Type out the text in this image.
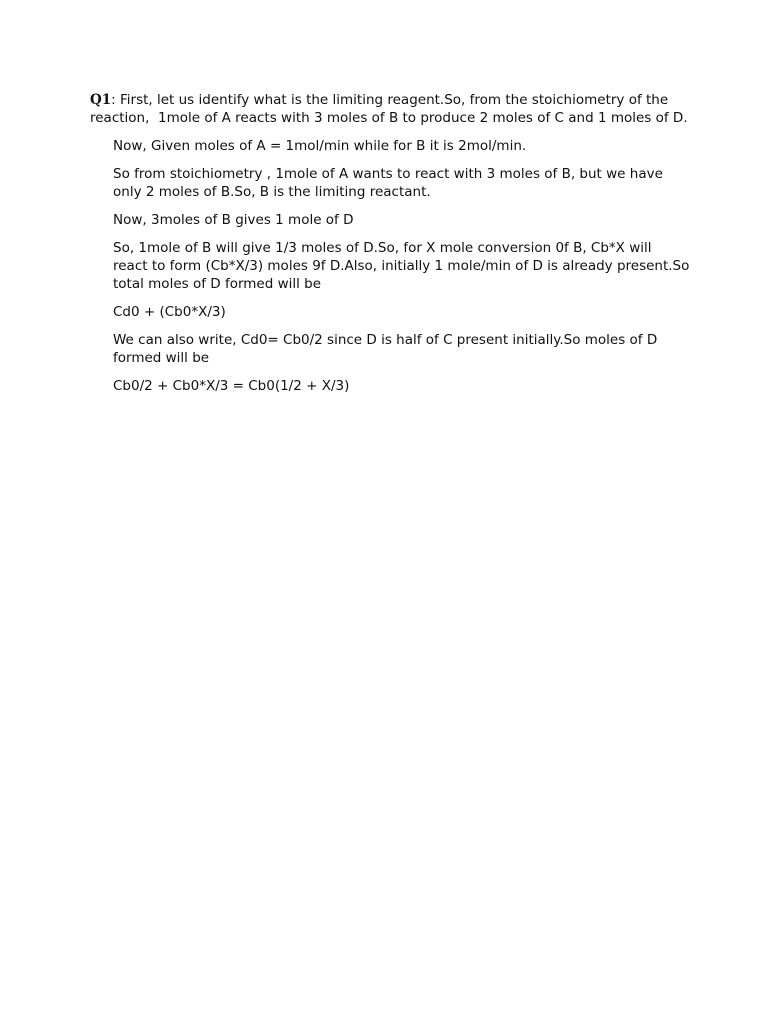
Q1: First, let us identify what is the limiting reagent.So, from the stoichiometry of the reaction,  1mole of A reacts with 3 moles of B to produce 2 moles of C and 1 moles of D.

Now, Given moles of A = 1mol/min while for B it is 2mol/min.

So from stoichiometry , 1mole of A wants to react with 3 moles of B, but we have only 2 moles of B.So, B is the limiting reactant.

Now, 3moles of B gives 1 mole of D

So, 1mole of B will give 1/3 moles of D.So, for X mole conversion 0f B, Cb*X will react to form (Cb*X/3) moles 9f D.Also, initially 1 mole/min of D is already present.So total moles of D formed will be

Cd0 + (Cb0*X/3)

We can also write, Cd0= Cb0/2 since D is half of C present initially.So moles of D formed will be

Cb0/2 + Cb0*X/3 = Cb0(1/2 + X/3)
